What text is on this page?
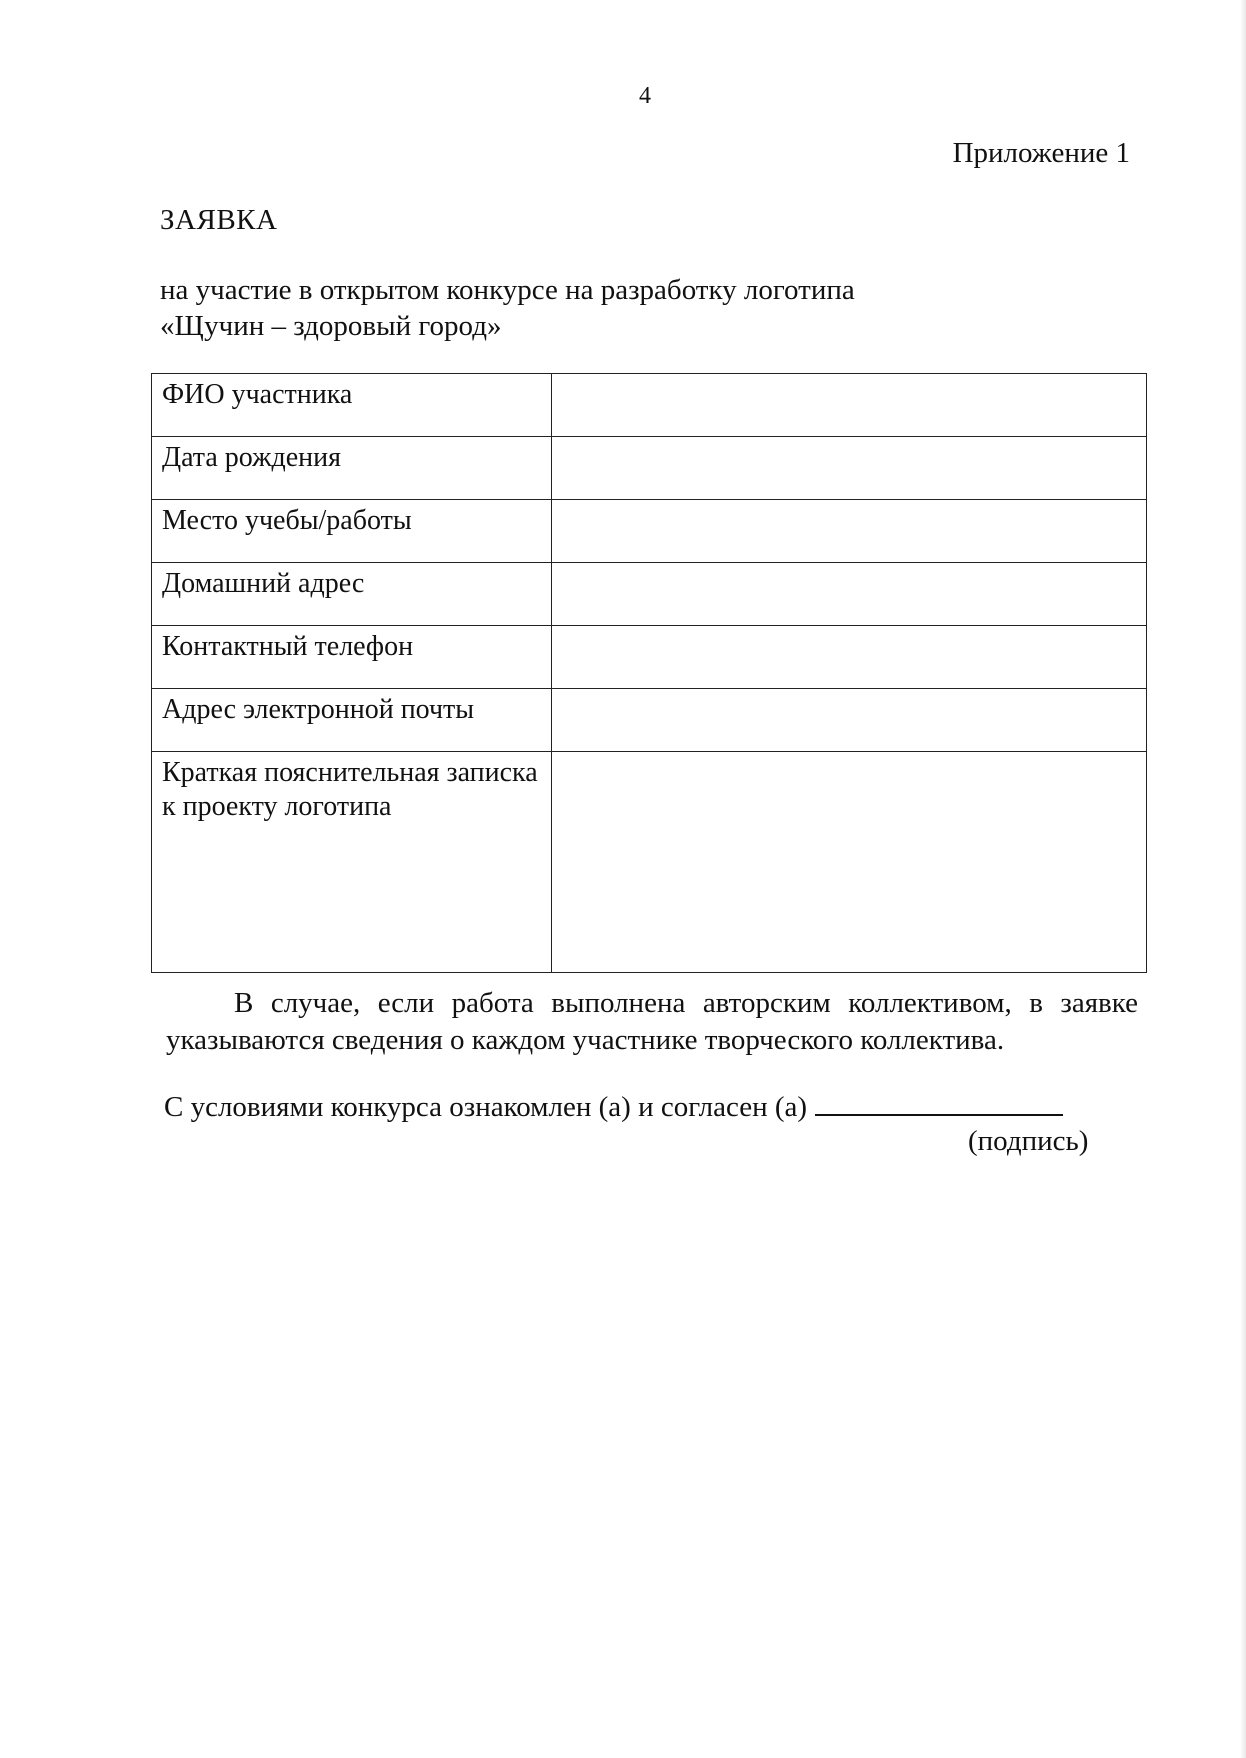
4
Приложение 1
ЗАЯВКА
на участие в открытом конкурсе на разработку логотипа
«Щучин – здоровый город»
ФИО участника	
Дата рождения	
Место учебы/работы	
Домашний адрес	
Контактный телефон	
Адрес электронной почты	
Краткая пояснительная записка к проекту логотипа	
В случае, если работа выполнена авторским коллективом, в заявке указываются сведения о каждом участнике творческого коллектива.
С условиями конкурса ознакомлен (а) и согласен (а)
(подпись)
